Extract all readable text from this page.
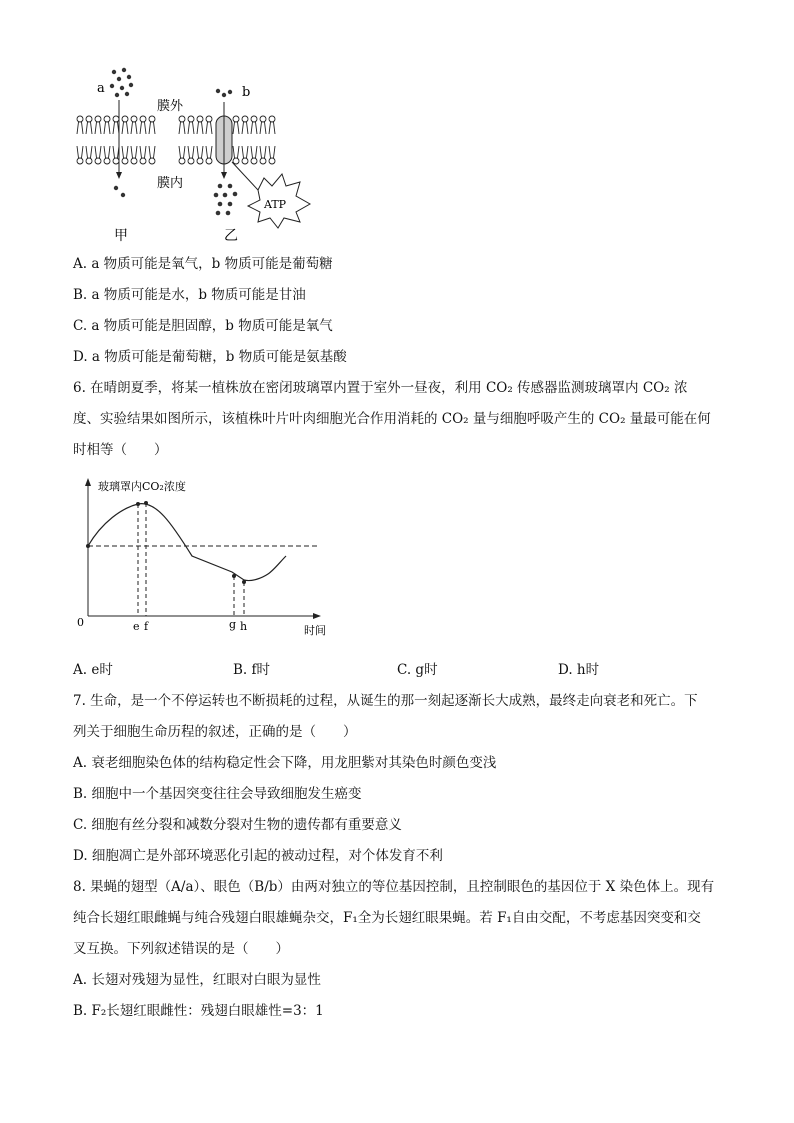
a
膜外
膜内
b
ATP
甲	乙
A. a 物质可能是氧气，b 物质可能是葡萄糖
B. a 物质可能是水，b 物质可能是甘油
C. a 物质可能是胆固醇，b 物质可能是氧气
D. a 物质可能是葡萄糖，b 物质可能是氨基酸
6. 在晴朗夏季，将某一植株放在密闭玻璃罩内置于室外一昼夜，利用 CO₂ 传感器监测玻璃罩内 CO₂ 浓
度、实验结果如图所示，该植株叶片叶肉细胞光合作用消耗的 CO₂ 量与细胞呼吸产生的 CO₂ 量最可能在何
时相等（　　）
玻璃罩内CO₂浓度
0
时间
e f	g h
A. e时	B. f时	C. g时	D. h时
7. 生命，是一个不停运转也不断损耗的过程，从诞生的那一刻起逐渐长大成熟，最终走向衰老和死亡。下
列关于细胞生命历程的叙述，正确的是（　　）
A. 衰老细胞染色体的结构稳定性会下降，用龙胆紫对其染色时颜色变浅
B. 细胞中一个基因突变往往会导致细胞发生癌变
C. 细胞有丝分裂和减数分裂对生物的遗传都有重要意义
D. 细胞凋亡是外部环境恶化引起的被动过程，对个体发育不利
8. 果蝇的翅型（A/a）、眼色（B/b）由两对独立的等位基因控制，且控制眼色的基因位于 X 染色体上。现有
纯合长翅红眼雌蝇与纯合残翅白眼雄蝇杂交，F₁全为长翅红眼果蝇。若 F₁自由交配，不考虑基因突变和交
叉互换。下列叙述错误的是（　　）
A. 长翅对残翅为显性，红眼对白眼为显性
B. F₂长翅红眼雌性：残翅白眼雄性=3：1
